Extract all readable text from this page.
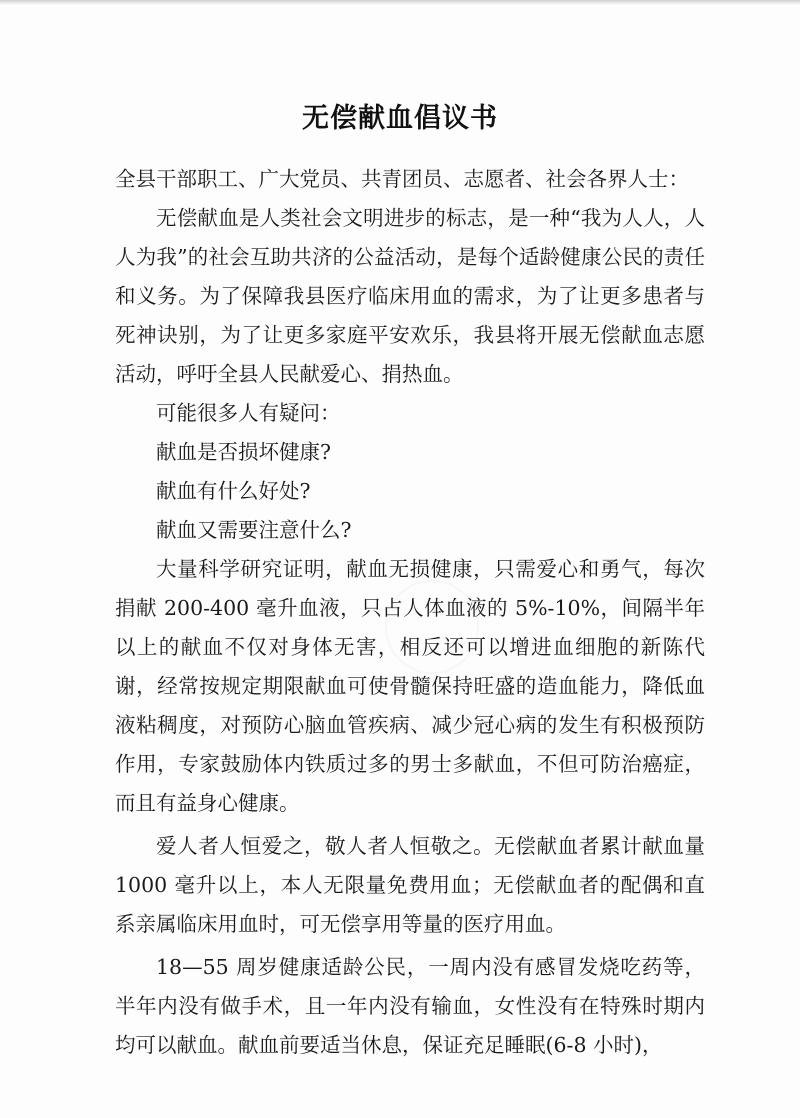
无偿献血倡议书

全县干部职工、广大党员、共青团员、志愿者、社会各界人士：

无偿献血是人类社会文明进步的标志，是一种“我为人人，人人为我”的社会互助共济的公益活动，是每个适龄健康公民的责任和义务。为了保障我县医疗临床用血的需求，为了让更多患者与死神诀别，为了让更多家庭平安欢乐，我县将开展无偿献血志愿活动，呼吁全县人民献爱心、捐热血。

可能很多人有疑问：

献血是否损坏健康?

献血有什么好处?

献血又需要注意什么?

大量科学研究证明，献血无损健康，只需爱心和勇气，每次捐献 200-400 毫升血液，只占人体血液的 5%-10%，间隔半年以上的献血不仅对身体无害，相反还可以增进血细胞的新陈代谢，经常按规定期限献血可使骨髓保持旺盛的造血能力，降低血液粘稠度，对预防心脑血管疾病、减少冠心病的发生有积极预防作用，专家鼓励体内铁质过多的男士多献血，不但可防治癌症，而且有益身心健康。

爱人者人恒爱之，敬人者人恒敬之。无偿献血者累计献血量 1000 毫升以上，本人无限量免费用血；无偿献血者的配偶和直系亲属临床用血时，可无偿享用等量的医疗用血。

18—55 周岁健康适龄公民，一周内没有感冒发烧吃药等，半年内没有做手术，且一年内没有输血，女性没有在特殊时期内均可以献血。献血前要适当休息，保证充足睡眠(6-8 小时)，
